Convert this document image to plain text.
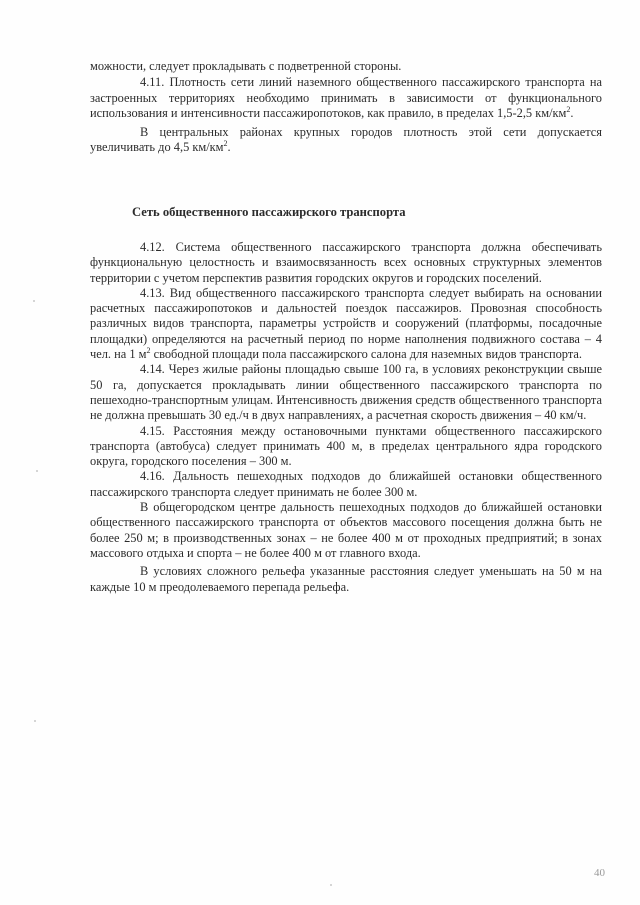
можности, следует прокладывать с подветренной стороны.

4.11. Плотность сети линий наземного общественного пассажирского транспорта на застроенных территориях необходимо принимать в зависимости от функционального использования и интенсивности пассажиропотоков, как правило, в пределах 1,5-2,5 $км/км^2$.

В центральных районах крупных городов плотность этой сети допускается увеличивать до 4,5 $км/км^2$.

Сеть общественного пассажирского транспорта

4.12. Система общественного пассажирского транспорта должна обеспечивать функциональную целостность и взаимосвязанность всех основных структурных элементов территории с учетом перспектив развития городских округов и городских поселений.

4.13. Вид общественного пассажирского транспорта следует выбирать на основании расчетных пассажиропотоков и дальностей поездок пассажиров. Провозная способность различных видов транспорта, параметры устройств и сооружений (платформы, посадочные площадки) определяются на расчетный период по норме наполнения подвижного состава – 4 чел. на 1 $м^2$ свободной площади пола пассажирского салона для наземных видов транспорта.

4.14. Через жилые районы площадью свыше 100 га, в условиях реконструкции свыше 50 га, допускается прокладывать линии общественного пассажирского транспорта по пешеходно-транспортным улицам. Интенсивность движения средств общественного транспорта не должна превышать 30 ед./ч в двух направлениях, а расчетная скорость движения – 40 км/ч.

4.15. Расстояния между остановочными пунктами общественного пассажирского транспорта (автобуса) следует принимать 400 м, в пределах центрального ядра городского округа, городского поселения – 300 м.

4.16. Дальность пешеходных подходов до ближайшей остановки общественного пассажирского транспорта следует принимать не более 300 м.

В общегородском центре дальность пешеходных подходов до ближайшей остановки общественного пассажирского транспорта от объектов массового посещения должна быть не более 250 м; в производственных зонах – не более 400 м от проходных предприятий; в зонах массового отдыха и спорта – не более 400 м от главного входа.

В условиях сложного рельефа указанные расстояния следует уменьшать на 50 м на каждые 10 м преодолеваемого перепада рельефа.

40
